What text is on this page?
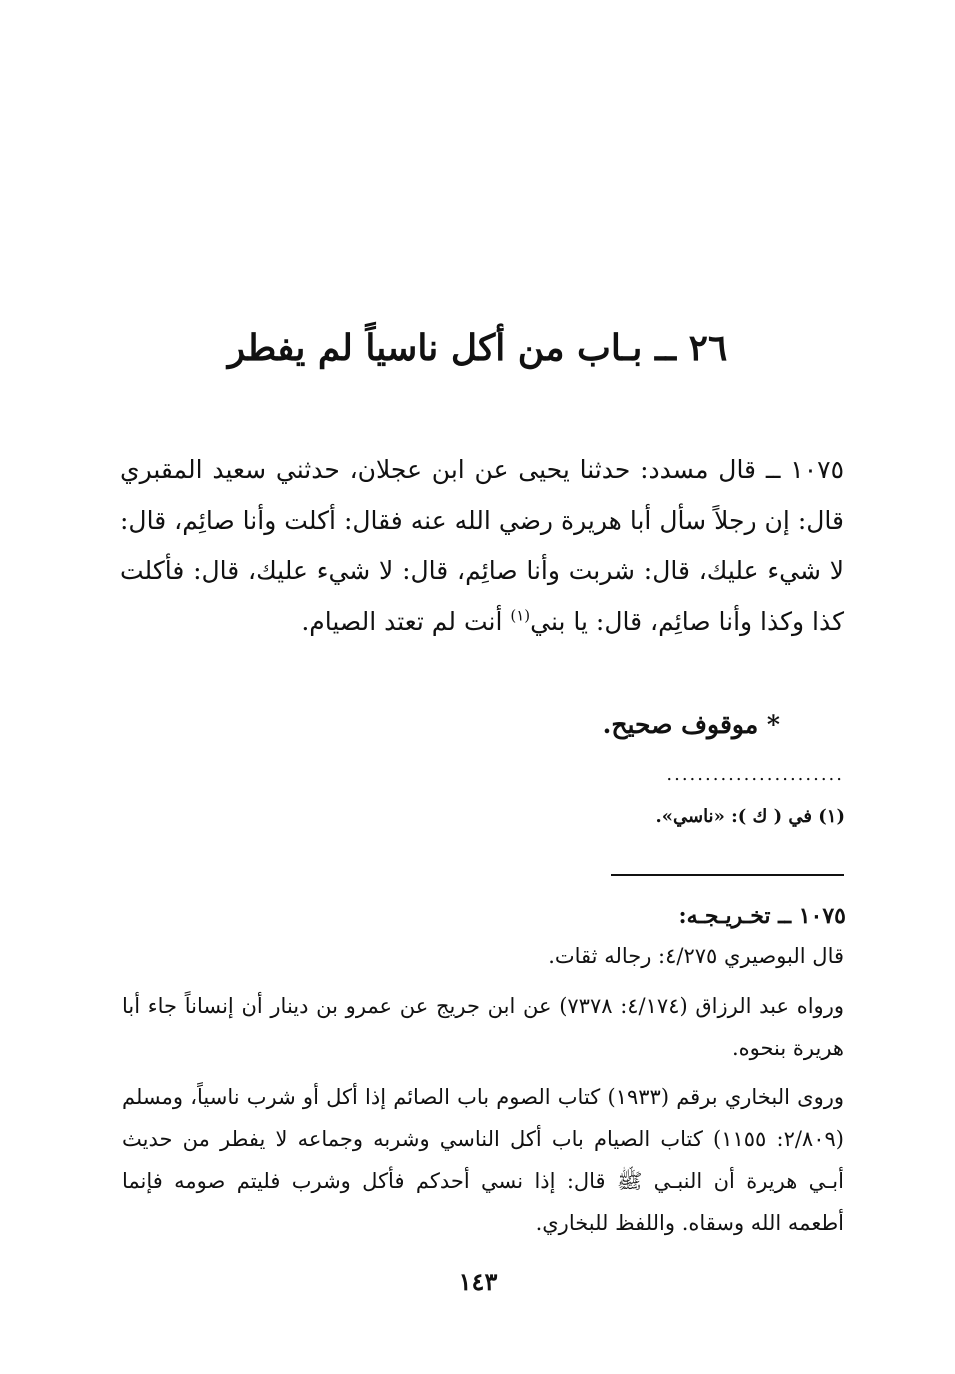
٢٦ ــ بـاب من أكل ناسياً لم يفطر
١٠٧٥ ــ قال مسدد: حدثنا يحيى عن ابن عجلان، حدثني سعيد المقبري قال: إن رجلاً سأل أبا هريرة رضي الله عنه فقال: أكلت وأنا صائِم، قال: لا شيء عليك، قال: شربت وأنا صائِم، قال: لا شيء عليك، قال: فأكلت كذا وكذا وأنا صائِم، قال: يا بني$^{(١)}$ أنت لم تعتد الصيام.
* موقوف صحيح.
.......................
(١) في ( ك ): «ناسي».
١٠٧٥ ــ تخـريـجـه:

قال البوصيري ٤/٢٧٥: رجاله ثقات.

ورواه عبد الرزاق (٤/١٧٤: ٧٣٧٨) عن ابن جريج عن عمرو بن دينار أن إنساناً جاء أبا هريرة بنحوه.

وروى البخاري برقم (١٩٣٣) كتاب الصوم باب الصائم إذا أكل أو شرب ناسياً، ومسلم (٢/٨٠٩: ١١٥٥) كتاب الصيام باب أكل الناسي وشربه وجماعه لا يفطر من حديث أبـي هريرة أن النبـي ﷺ قال: إذا نسي أحدكم فأكل وشرب فليتم صومه فإنما أطعمه الله وسقاه. واللفظ للبخاري.

١٤٣
